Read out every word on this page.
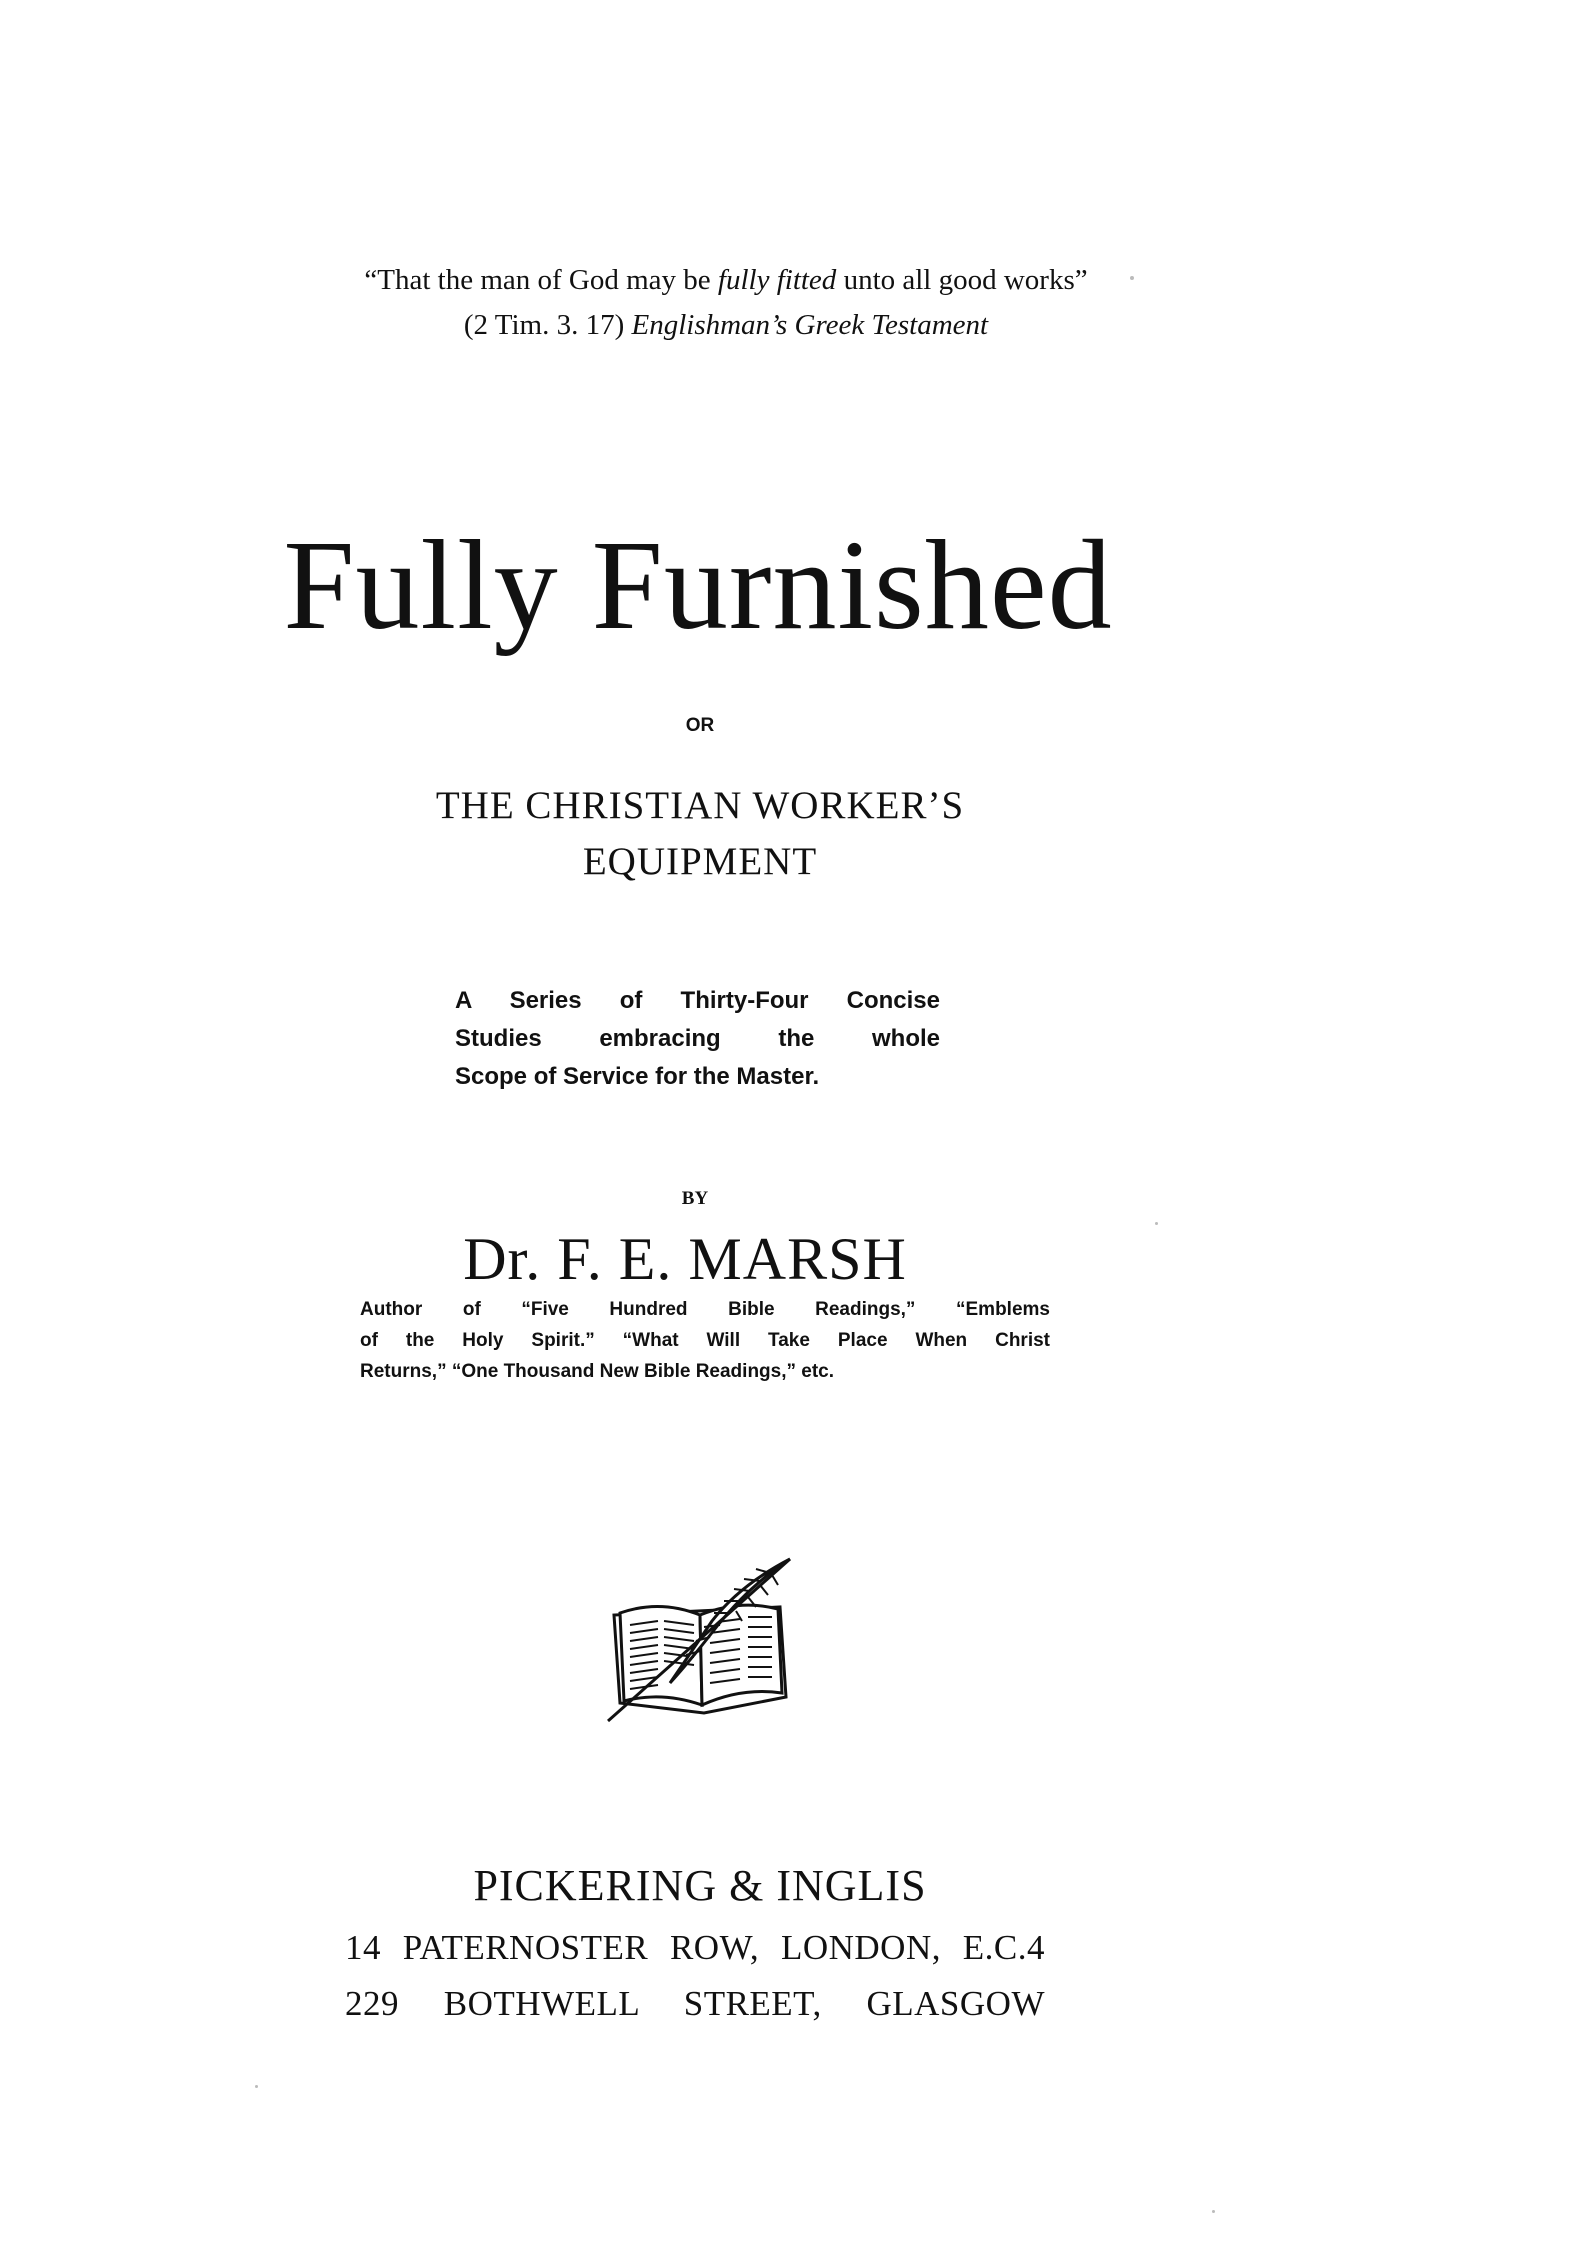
“That the man of God may be fully fitted unto all good works”
(2 Tim. 3. 17) Englishman’s Greek Testament
Fully Furnished
OR
THE CHRISTIAN WORKER’S
EQUIPMENT
A Series of Thirty-Four Concise
Studies embracing the whole
Scope of Service for the Master.
BY
Dr. F. E. MARSH
Author of “Five Hundred Bible Readings,” “Emblems
of the Holy Spirit.” “What Will Take Place When Christ
Returns,” “One Thousand New Bible Readings,” etc.
PICKERING & INGLIS
14 PATERNOSTER ROW, LONDON, E.C.4
229 BOTHWELL STREET, GLASGOW
